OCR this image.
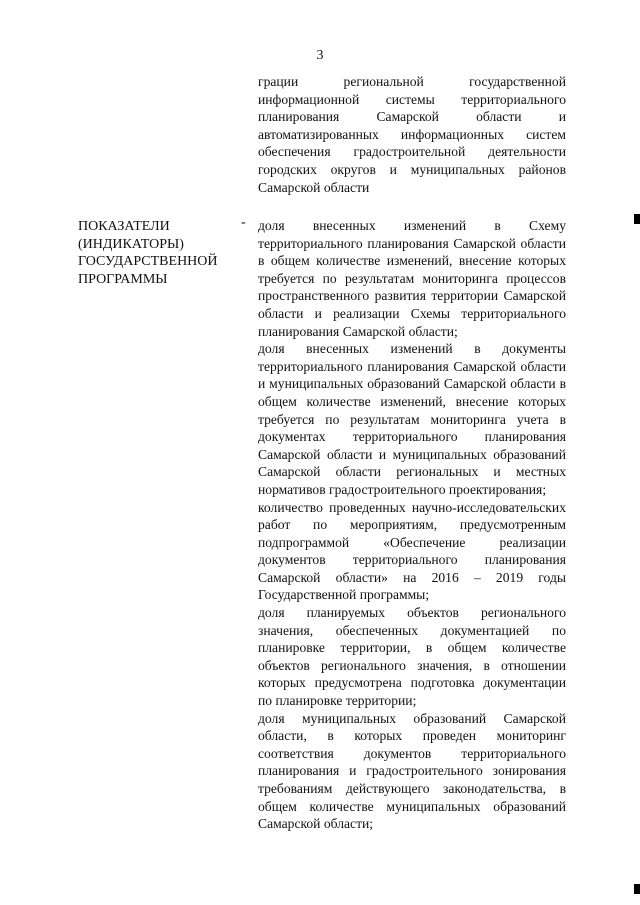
3

грации региональной государственной информационной системы территориального планирования Самарской области и автоматизированных информационных систем обеспечения градостроительной деятельности городских округов и муниципальных районов Самарской области

ПОКАЗАТЕЛИ
(ИНДИКАТОРЫ)
ГОСУДАРСТВЕННОЙ
ПРОГРАММЫ
- доля внесенных изменений в Схему территориального планирования Самарской области в общем количестве изменений, внесение которых требуется по результатам мониторинга процессов пространственного развития территории Самарской области и реализации Схемы территориального планирования Самарской области;

доля внесенных изменений в документы территориального планирования Самарской области и муниципальных образований Самарской области в общем количестве изменений, внесение которых требуется по результатам мониторинга учета в документах территориального планирования Самарской области и муниципальных образований Самарской области региональных и местных нормативов градостроительного проектирования;

количество проведенных научно-исследовательских работ по мероприятиям, предусмотренным подпрограммой «Обеспечение реализации документов территориального планирования Самарской области» на 2016 – 2019 годы Государственной программы;

доля планируемых объектов регионального значения, обеспеченных документацией по планировке территории, в общем количестве объектов регионального значения, в отношении которых предусмотрена подготовка документации по планировке территории;

доля муниципальных образований Самарской области, в которых проведен мониторинг соответствия документов территориального планирования и градостроительного зонирования требованиям действующего законодательства, в общем количестве муниципальных образований Самарской области;
